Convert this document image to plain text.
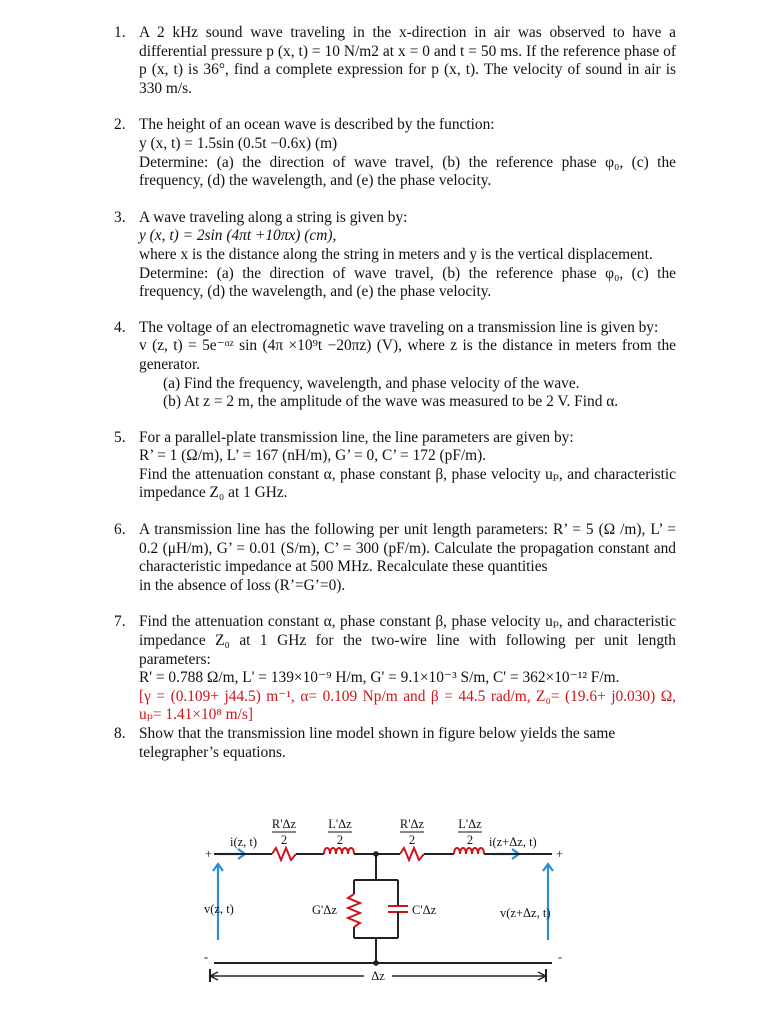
1. A 2 kHz sound wave traveling in the x-direction in air was observed to have a differential pressure p (x, t) = 10 N/m2 at x = 0 and t = 50 ms. If the reference phase of p (x, t) is 36°, find a complete expression for p (x, t). The velocity of sound in air is 330 m/s.

2. The height of an ocean wave is described by the function:

y (x, t) = 1.5sin (0.5t −0.6x) (m)

Determine: (a) the direction of wave travel, (b) the reference phase φ₀, (c) the frequency, (d) the wavelength, and (e) the phase velocity.

3. A wave traveling along a string is given by:

y (x, t) = 2sin (4πt +10πx) (cm),

where x is the distance along the string in meters and y is the vertical displacement.

Determine: (a) the direction of wave travel, (b) the reference phase φ₀, (c) the frequency, (d) the wavelength, and (e) the phase velocity.

4. The voltage of an electromagnetic wave traveling on a transmission line is given by:

v (z, t) = 5e⁻ᵅᶻ sin (4π ×10⁹t −20πz) (V), where z is the distance in meters from the generator.

(a) Find the frequency, wavelength, and phase velocity of the wave.

(b) At z = 2 m, the amplitude of the wave was measured to be 2 V. Find α.

5. For a parallel-plate transmission line, the line parameters are given by:

R’ = 1 (Ω/m), L’ = 167 (nH/m), G’ = 0, C’ = 172 (pF/m).

Find the attenuation constant α, phase constant β, phase velocity uₚ, and characteristic impedance Z₀ at 1 GHz.

6. A transmission line has the following per unit length parameters: R’ = 5 (Ω /m), L’ = 0.2 (μH/m), G’ = 0.01 (S/m), C’ = 300 (pF/m). Calculate the propagation constant and characteristic impedance at 500 MHz. Recalculate these quantities

in the absence of loss (R’=G’=0).

7. Find the attenuation constant α, phase constant β, phase velocity uₚ, and characteristic impedance Z₀ at 1 GHz for the two-wire line with following per unit length parameters:

R' = 0.788 Ω/m, L' = 139×10⁻⁹ H/m, G' = 9.1×10⁻³ S/m, C' = 362×10⁻¹² F/m.

[γ = (0.109+ j44.5) m⁻¹, α= 0.109 Np/m and β = 44.5 rad/m, Z₀= (19.6+ j0.030) Ω, uₚ= 1.41×10⁸ m/s]

8. Show that the transmission line model shown in figure below yields the same

telegrapher’s equations.

R'Δz
2
L'Δz
2
R'Δz
2
L'Δz
2
i(z, t)	i(z+Δz, t)
+	+
G'Δz	C'Δz
v(z, t)	v(z+Δz, t)
-	-
Δz
